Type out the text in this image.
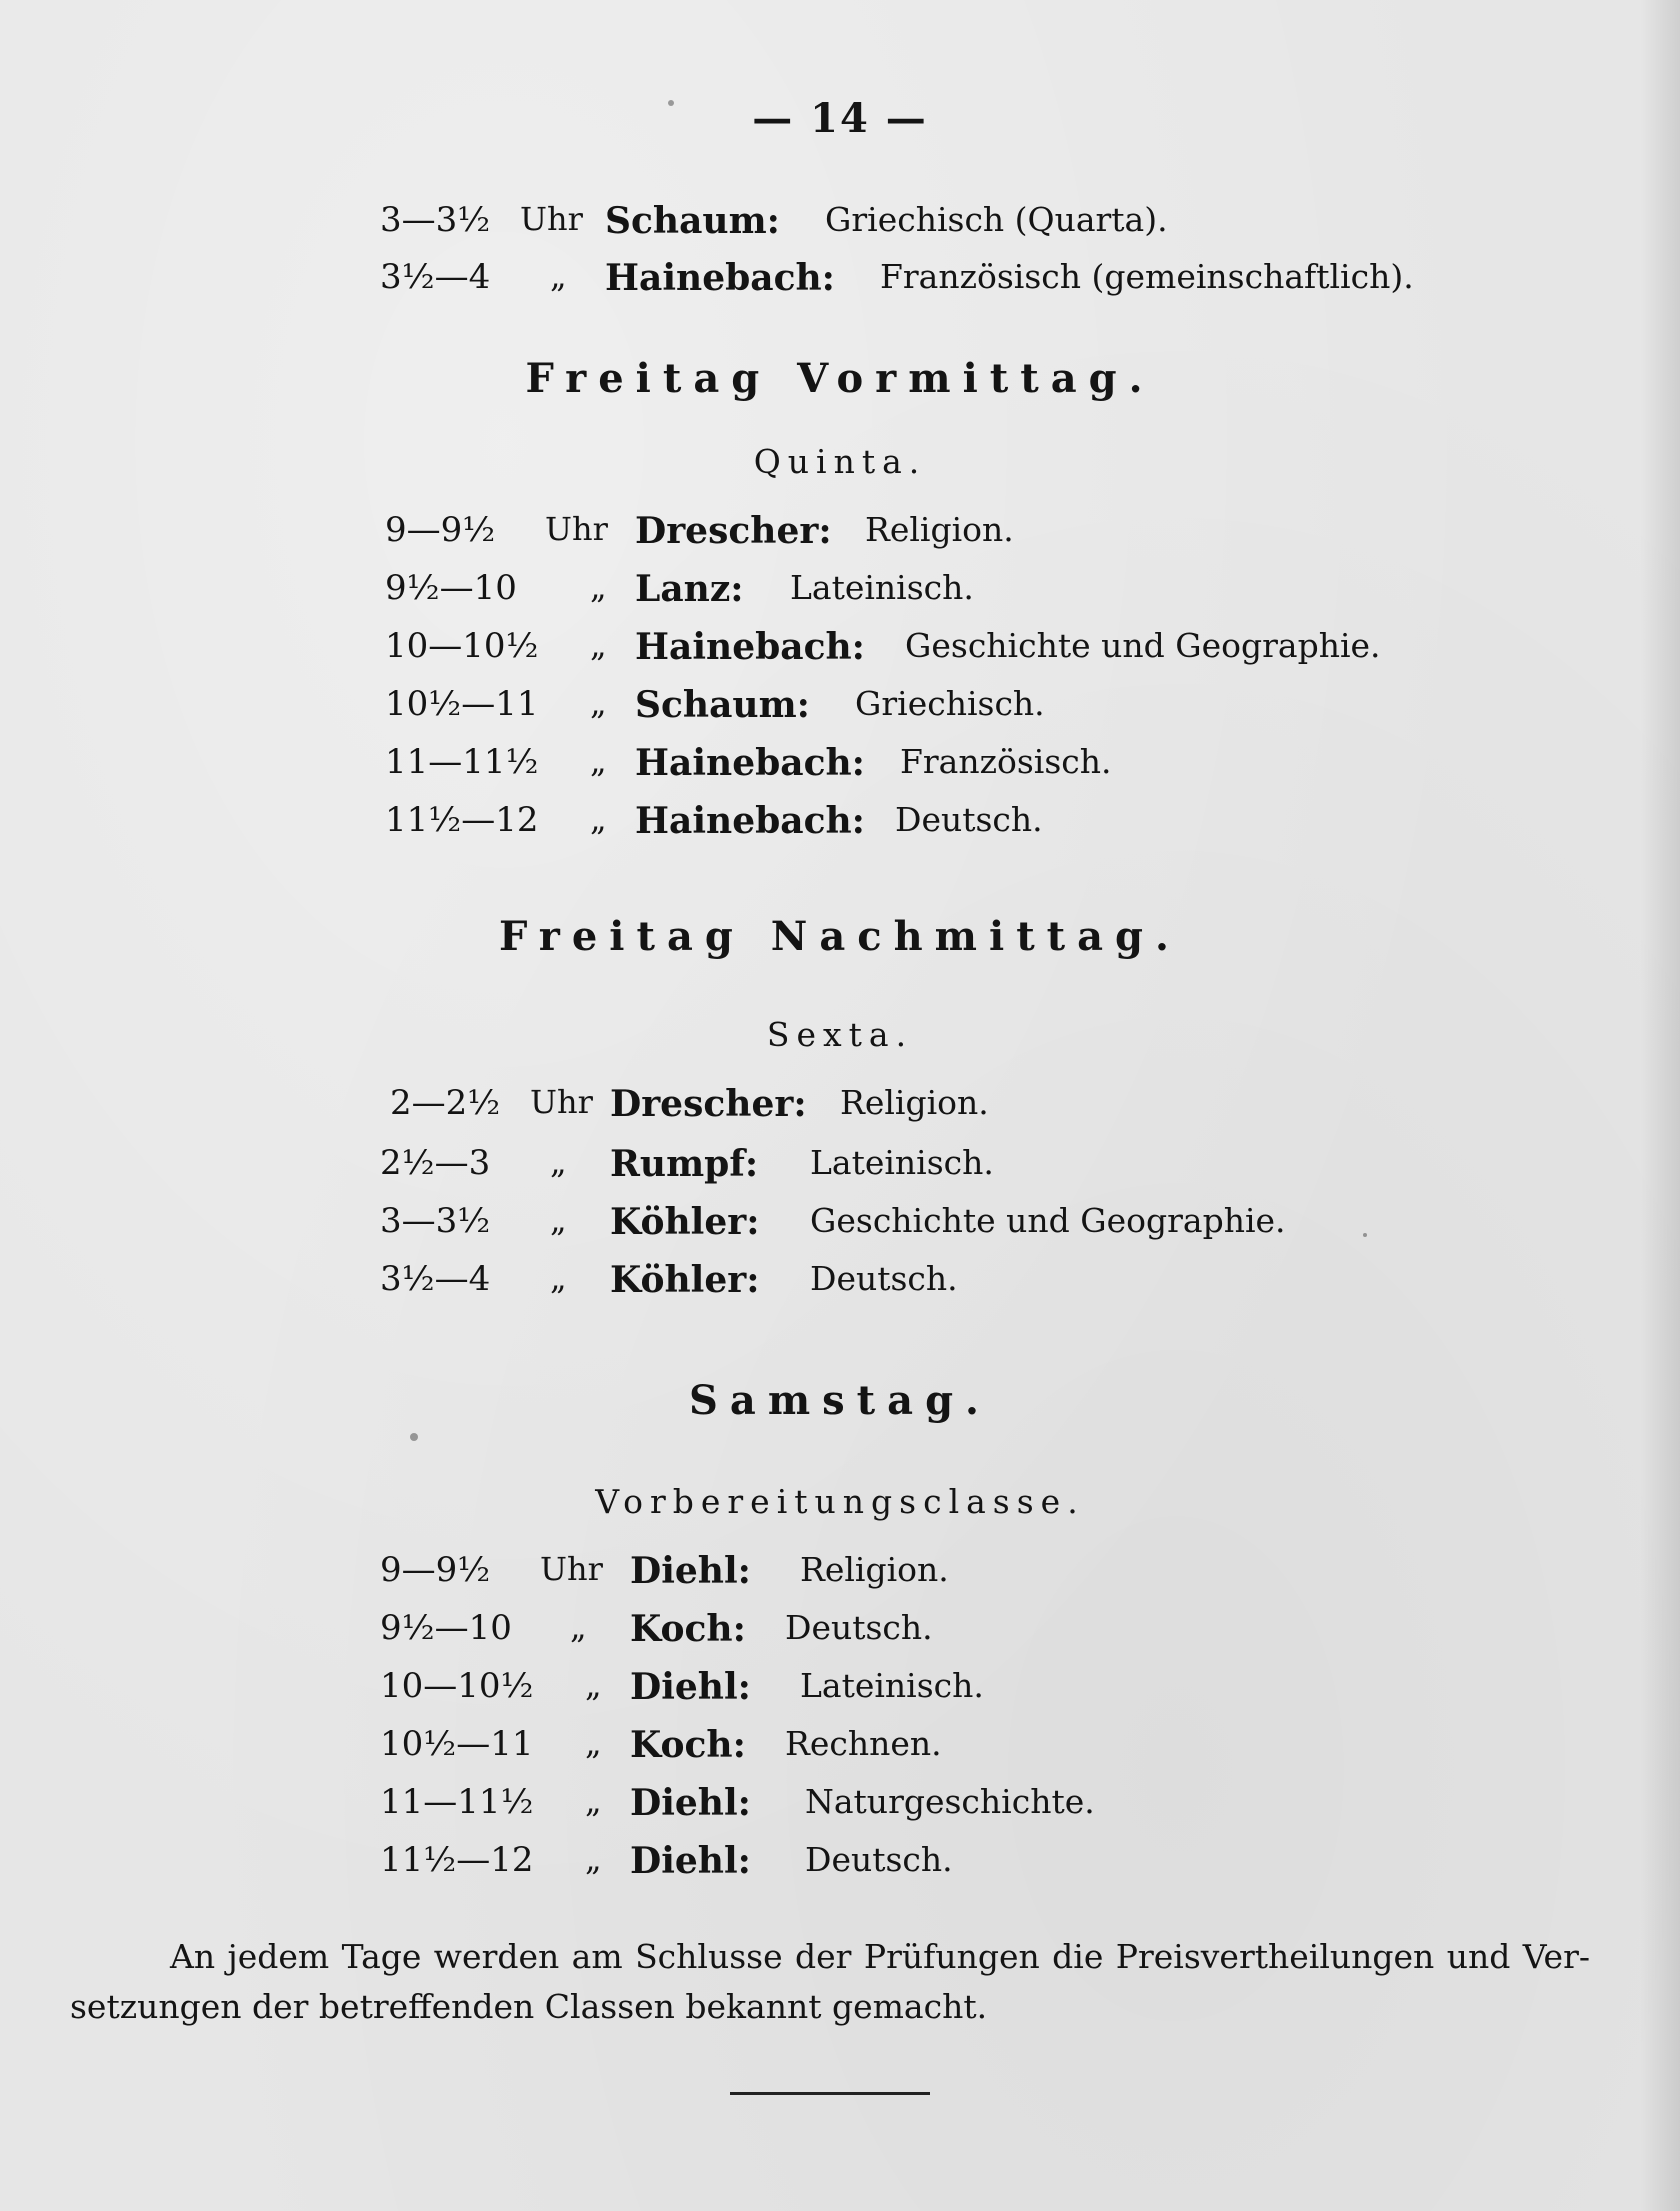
— 14 —
3—3½ Uhr Schaum: Griechisch (Quarta).
3½—4 „ Hainebach: Französisch (gemeinschaftlich).
Freitag Vormittag.
Quinta.
9—9½ Uhr Drescher: Religion.
9½—10 „ Lanz: Lateinisch.
10—10½ „ Hainebach: Geschichte und Geographie.
10½—11 „ Schaum: Griechisch.
11—11½ „ Hainebach: Französisch.
11½—12 „ Hainebach: Deutsch.
Freitag Nachmittag.
Sexta.
2—2½ Uhr Drescher: Religion.
2½—3 „ Rumpf: Lateinisch.
3—3½ „ Köhler: Geschichte und Geographie.
3½—4 „ Köhler: Deutsch.
Samstag.
Vorbereitungsclasse.
9—9½ Uhr Diehl: Religion.
9½—10 „ Koch: Deutsch.
10—10½ „ Diehl: Lateinisch.
10½—11 „ Koch: Rechnen.
11—11½ „ Diehl: Naturgeschichte.
11½—12 „ Diehl: Deutsch.
An jedem Tage werden am Schlusse der Prüfungen die Preisvertheilungen und Ver-
setzungen der betreffenden Classen bekannt gemacht.
